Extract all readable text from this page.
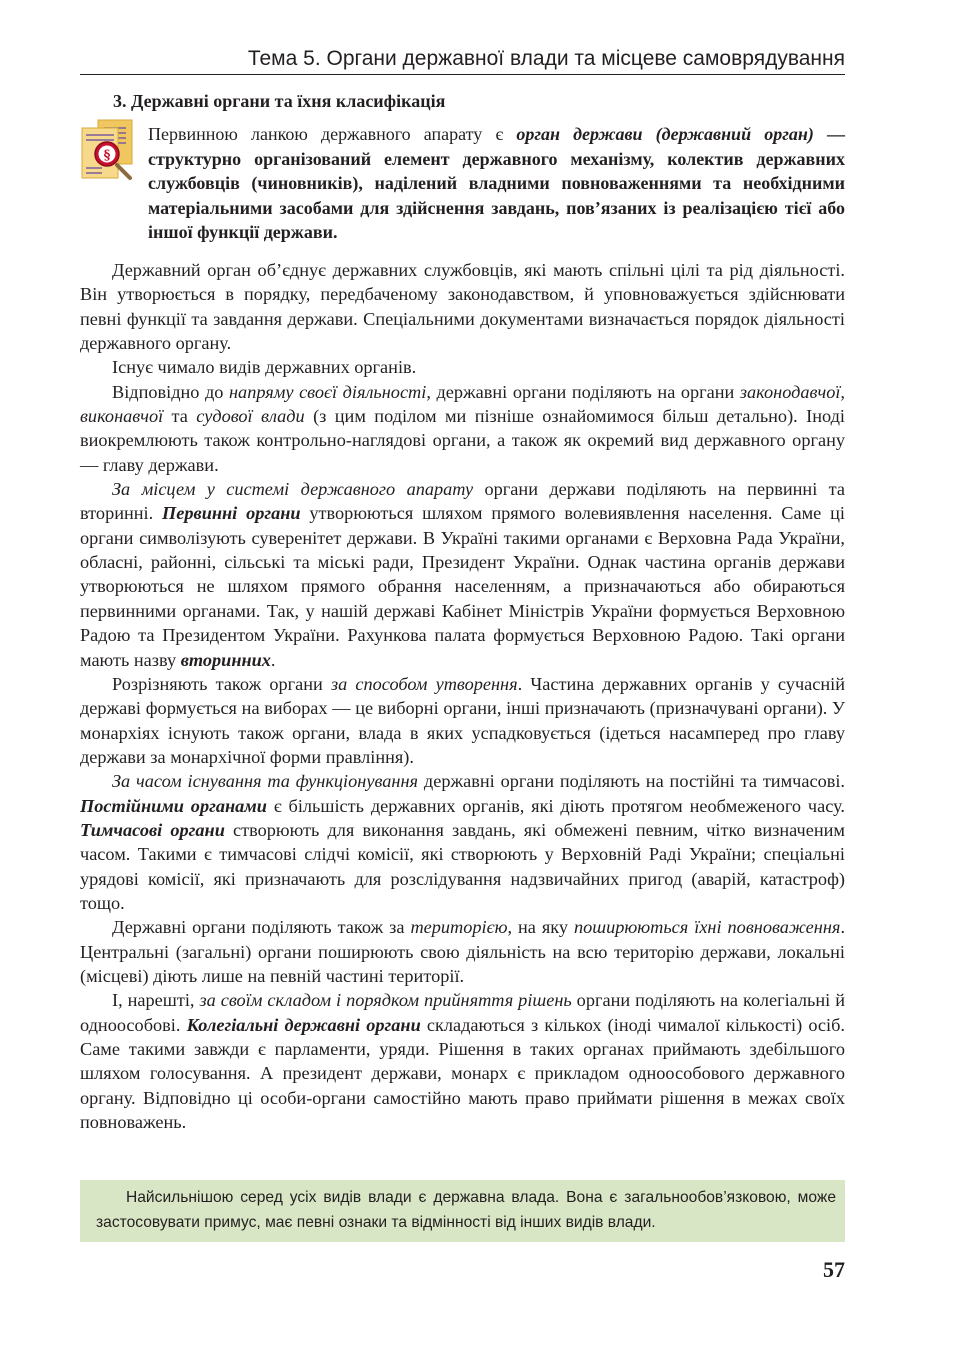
Тема 5. Органи державної влади та місцеве самоврядування
3. Державні органи та їхня класифікація
§

Первинною ланкою державного апарату є орган держави (державний орган) — структурно організований елемент державного механізму, колектив державних службовців (чиновників), наділений владними повноваженнями та необхідними матеріальними засобами для здійснення завдань, пов’язаних із реалізацією тієї або іншої функції держави.

Державний орган об’єднує державних службовців, які мають спільні цілі та рід діяльності. Він утворюється в порядку, передбаченому законодавством, й уповноважується здійснювати певні функції та завдання держави. Спеціальними документами визначається порядок діяльності державного органу.

Існує чимало видів державних органів.

Відповідно до напряму своєї діяльності, державні органи поділяють на органи законодавчої, виконавчої та судової влади (з цим поділом ми пізніше ознайомимося більш детально). Іноді виокремлюють також контрольно-наглядові органи, а також як окремий вид державного органу — главу держави.

За місцем у системі державного апарату органи держави поділяють на первинні та вторинні. Первинні органи утворюються шляхом прямого волевиявлення населення. Саме ці органи символізують суверенітет держави. В Україні такими органами є Верховна Рада України, обласні, районні, сільські та міські ради, Президент України. Однак частина органів держави утворюються не шляхом прямого обрання населенням, а призначаються або обираються первинними органами. Так, у нашій державі Кабінет Міністрів України формується Верховною Радою та Президентом України. Рахункова палата формується Верховною Радою. Такі органи мають назву вторинних.

Розрізняють також органи за способом утворення. Частина державних органів у сучасній державі формується на виборах — це виборні органи, інші призначають (призначувані органи). У монархіях існують також органи, влада в яких успадковується (ідеться насамперед про главу держави за монархічної форми правління).

За часом існування та функціонування державні органи поділяють на постійні та тимчасові. Постійними органами є більшість державних органів, які діють протягом необмеженого часу. Тимчасові органи створюють для виконання завдань, які обмежені певним, чітко визначеним часом. Такими є тимчасові слідчі комісії, які створюють у Верховній Раді України; спеціальні урядові комісії, які призначають для розслідування надзвичайних пригод (аварій, катастроф) тощо.

Державні органи поділяють також за територією, на яку поширюються їхні повноваження. Центральні (загальні) органи поширюють свою діяльність на всю територію держави, локальні (місцеві) діють лише на певній частині території.

І, нарешті, за своїм складом і порядком прийняття рішень органи поділяють на колегіальні й одноособові. Колегіальні державні органи складаються з кількох (іноді чималої кількості) осіб. Саме такими завжди є парламенти, уряди. Рішення в таких органах приймають здебільшого шляхом голосування. А президент держави, монарх є прикладом одноособового державного органу. Відповідно ці особи-органи самостійно мають право приймати рішення в межах своїх повноважень.

Найсильнішою серед усіх видів влади є державна влада. Вона є загальнообов’язковою, може застосовувати примус, має певні ознаки та відмінності від інших видів влади.

57
